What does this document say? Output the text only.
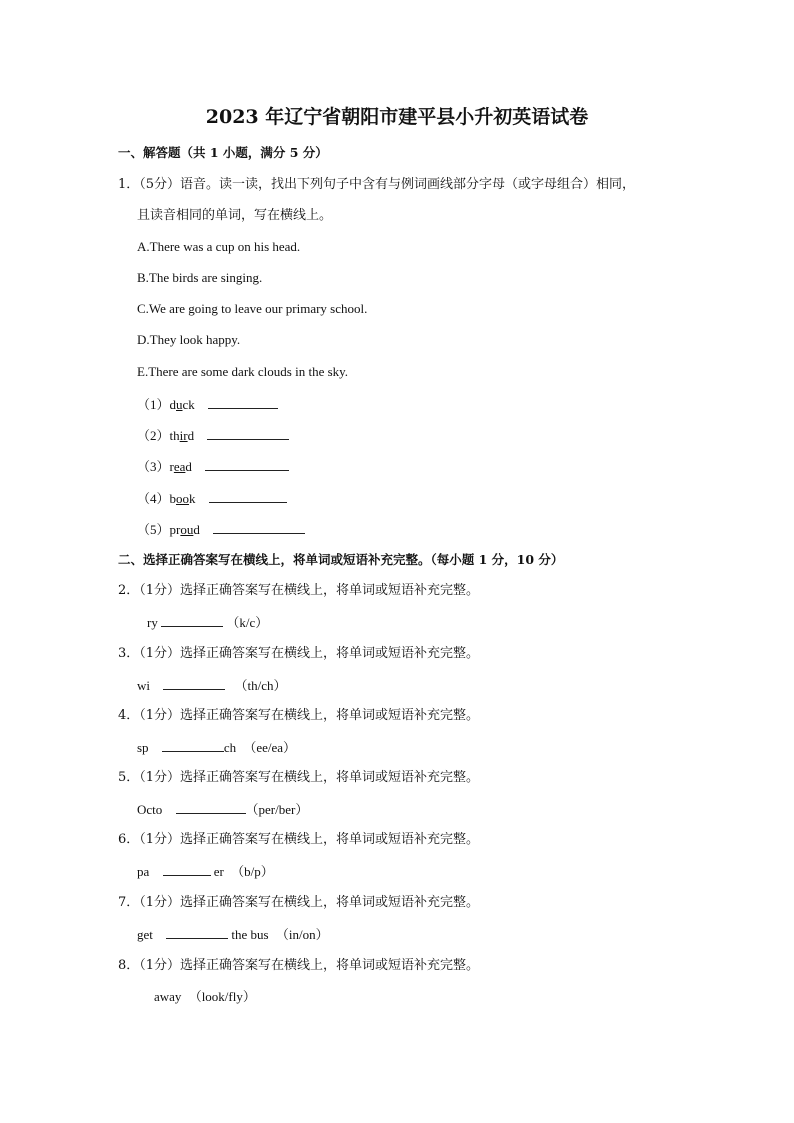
2023 年辽宁省朝阳市建平县小升初英语试卷
一、解答题（共 1 小题，满分 5 分）
1．（5分）语音。读一读，找出下列句子中含有与例词画线部分字母（或字母组合）相同，
且读音相同的单词，写在横线上。
A.There was a cup on his head.
B.The birds are singing.
C.We are going to leave our primary school.
D.They look happy.
E.There are some dark clouds in the sky.
（1）duck
（2）third
（3）read
（4）book
（5）proud
二、选择正确答案写在横线上，将单词或短语补充完整。（每小题 1 分，10 分）
2．（1分）选择正确答案写在横线上，将单词或短语补充完整。
ry	（k/c）
3．（1分）选择正确答案写在横线上，将单词或短语补充完整。
wi	（th/ch）
4．（1分）选择正确答案写在横线上，将单词或短语补充完整。
sp	ch （ee/ea）
5．（1分）选择正确答案写在横线上，将单词或短语补充完整。
Octo	（per/ber）
6．（1分）选择正确答案写在横线上，将单词或短语补充完整。
pa	er （b/p）
7．（1分）选择正确答案写在横线上，将单词或短语补充完整。
get	the bus （in/on）
8．（1分）选择正确答案写在横线上，将单词或短语补充完整。
away （look/fly）
